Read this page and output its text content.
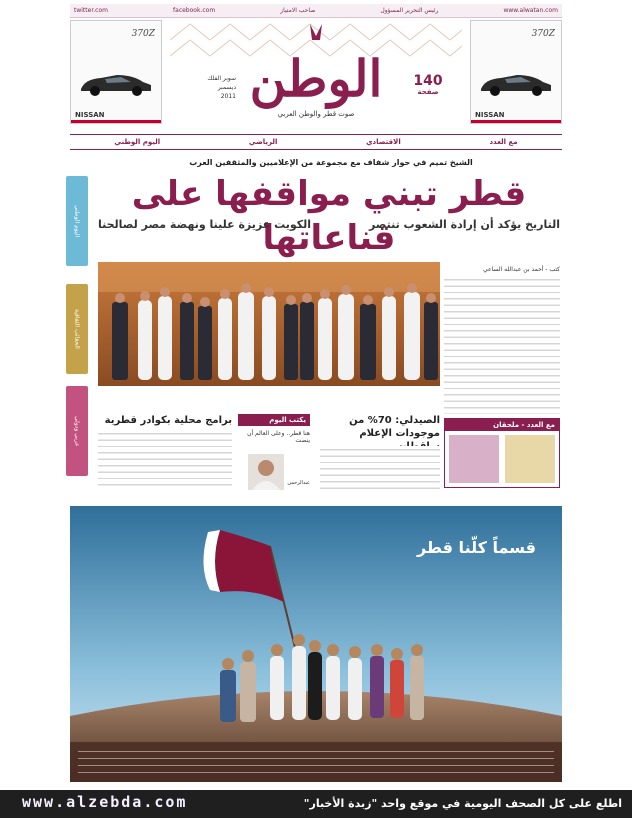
www.alwatan.com
رئيس التحرير المسؤول
صاحب الامتياز
facebook.com
twitter.com
370Z
NISSAN
370Z
NISSAN
الوطن
صوت قطر والوطن العربي
140
صفحة
سوبر الفلك
ديسمبر
2011
مع العدد
الاقتصادي
الرياضي
اليوم الوطني
اليوم الوطني
الحقائب الثقافية
عربي ودولي
الشيخ تميم في حوار شفاف مع مجموعة من الإعلاميين والمثقفين العرب
قطر تبني مواقفها على قناعاتها
التاريخ يؤكد أن إرادة الشعوب تنتصر
الكويت عزيزة علينا ونهضة مصر لصالحنا
كتب - أحمد بن عبدالله الساعي
مع العدد - ملحقان
الصيدلي: 70% من موجودات الإعلام
يكتب اليوم
هنا قطر.. وعلى العالم أن ينصت
عبدالرحمن
برامج محلية بكوادر قطرية
قسماً كلّنا قطر
www.alzebda.com	اطلع على كل الصحف اليومية في موقع واحد "زبدة الأخبار"
